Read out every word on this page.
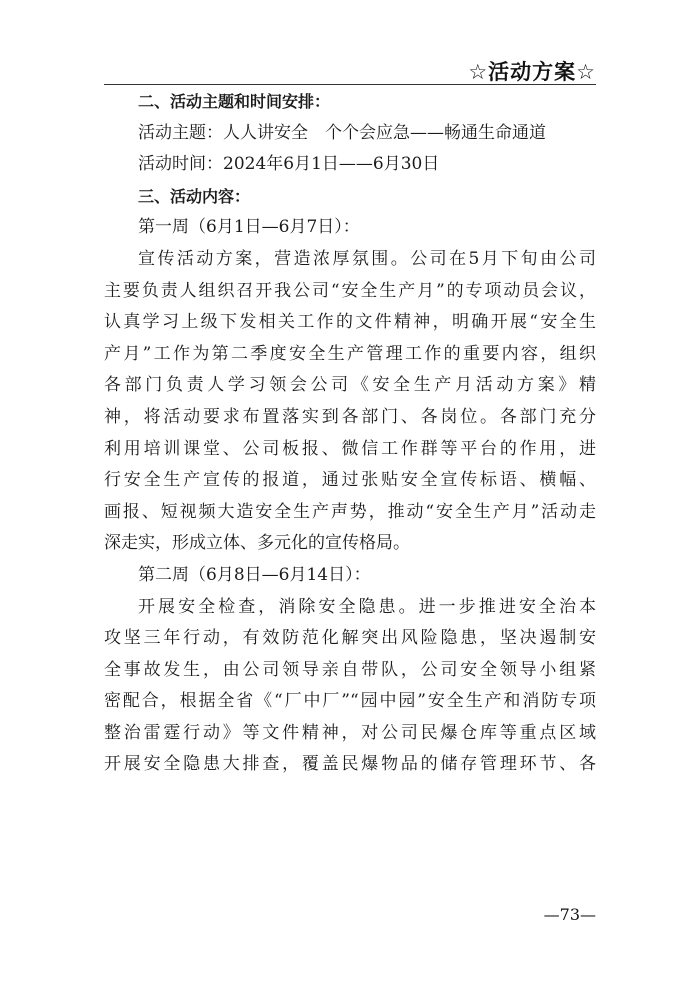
☆活动方案☆
二、活动主题和时间安排：
活动主题：人人讲安全　个个会应急——畅通生命通道
活动时间：2024年6月1日——6月30日
三、活动内容：
第一周（6月1日—6月7日）：
宣传活动方案，营造浓厚氛围。公司在5月下旬由公司
主要负责人组织召开我公司“安全生产月”的专项动员会议，
认真学习上级下发相关工作的文件精神，明确开展“安全生
产月”工作为第二季度安全生产管理工作的重要内容，组织
各部门负责人学习领会公司《安全生产月活动方案》精
神，将活动要求布置落实到各部门、各岗位。各部门充分
利用培训课堂、公司板报、微信工作群等平台的作用，进
行安全生产宣传的报道，通过张贴安全宣传标语、横幅、
画报、短视频大造安全生产声势，推动“安全生产月”活动走
深走实，形成立体、多元化的宣传格局。
第二周（6月8日—6月14日）：
开展安全检查，消除安全隐患。进一步推进安全治本
攻坚三年行动，有效防范化解突出风险隐患，坚决遏制安
全事故发生，由公司领导亲自带队，公司安全领导小组紧
密配合，根据全省《“厂中厂”“园中园”安全生产和消防专项
整治雷霆行动》等文件精神，对公司民爆仓库等重点区域
开展安全隐患大排查，覆盖民爆物品的储存管理环节、各
—73—
